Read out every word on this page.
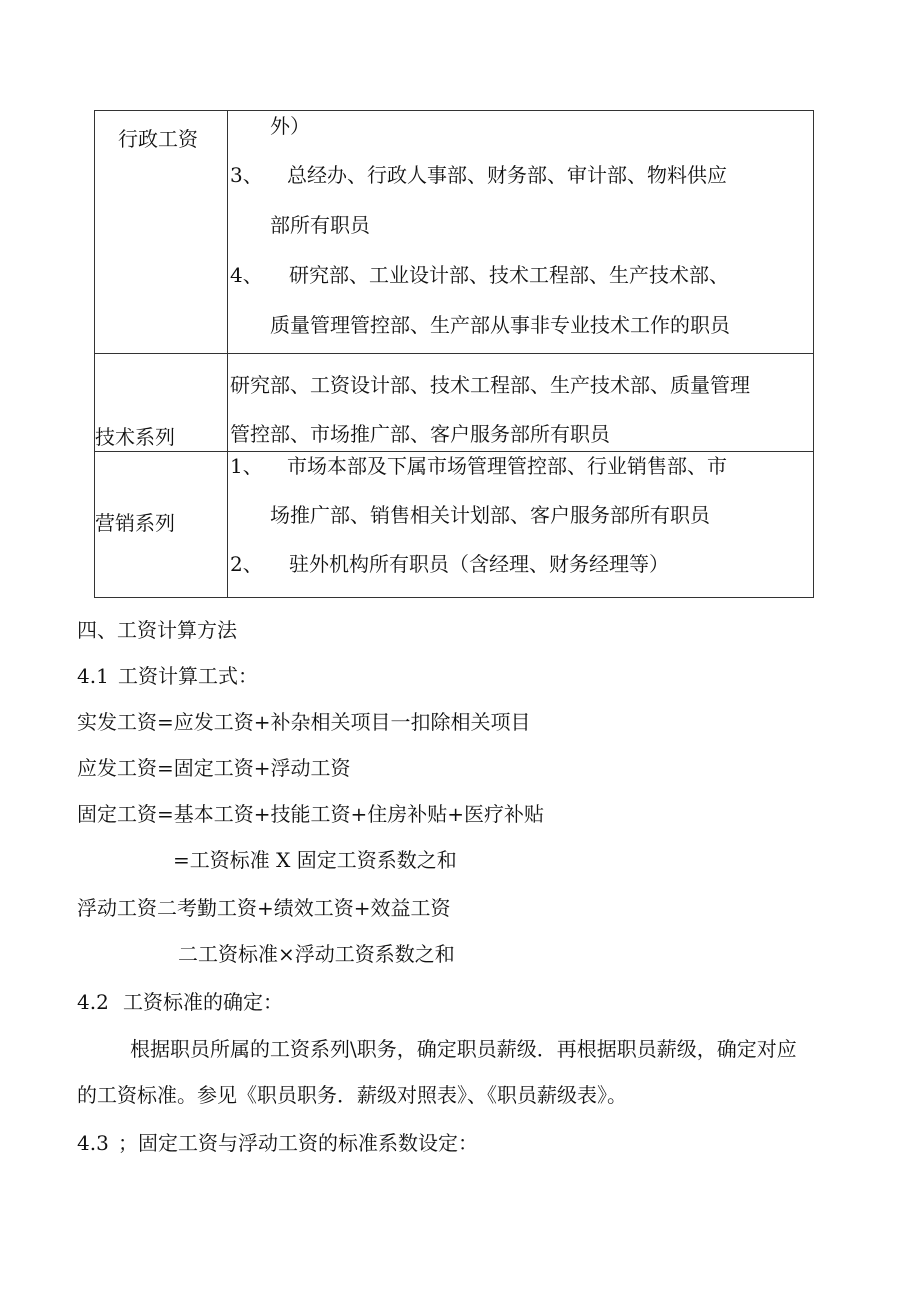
行政工资
外）
3、 总经办、行政人事部、财务部、审计部、物料供应
部所有职员
4、 研究部、工业设计部、技术工程部、生产技术部、
质量管理管控部、生产部从事非专业技术工作的职员
技术系列
研究部、工资设计部、技术工程部、生产技术部、质量管理
管控部、市场推广部、客户服务部所有职员
营销系列
1、 市场本部及下属市场管理管控部、行业销售部、市
场推广部、销售相关计划部、客户服务部所有职员
2、 驻外机构所有职员（含经理、财务经理等）
四、工资计算方法
4.1 工资计算工式：
实发工资=应发工资+补杂相关项目一扣除相关项目
应发工资=固定工资+浮动工资
固定工资=基本工资+技能工资+住房补贴+医疗补贴
=工资标准 X 固定工资系数之和
浮动工资二考勤工资+绩效工资+效益工资
二工资标准×浮动工资系数之和
4.2 工资标准的确定：
根据职员所属的工资系列\职务，确定职员薪级．再根据职员薪级，确定对应
的工资标准。参见《职员职务．薪级对照表》、《职员薪级表》。
4.3 ；固定工资与浮动工资的标准系数设定：
